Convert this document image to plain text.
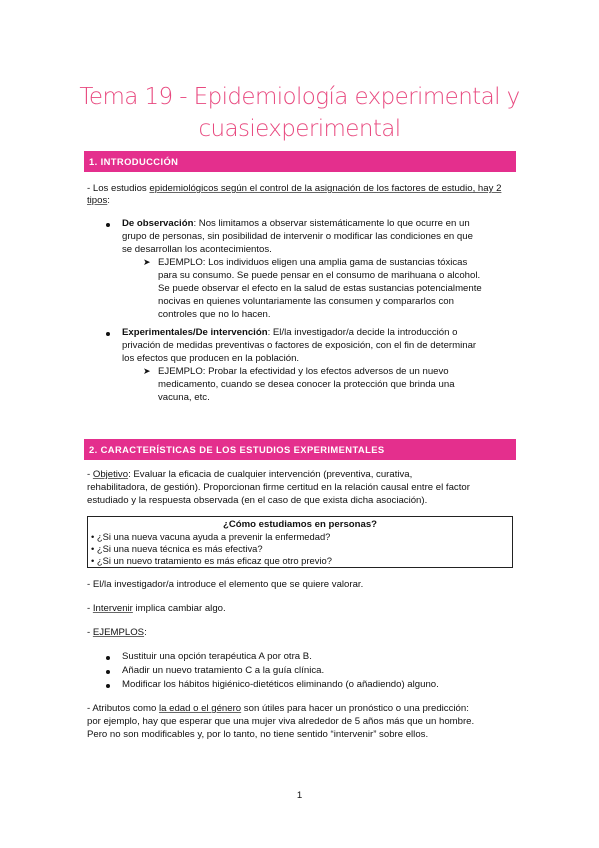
Tema 19 - Epidemiología experimental y
cuasiexperimental
1. INTRODUCCIÓN
- Los estudios epidemiológicos según el control de la asignación de los factores de estudio, hay 2 tipos:
De observación: Nos limitamos a observar sistemáticamente lo que ocurre en un
grupo de personas, sin posibilidad de intervenir o modificar las condiciones en que
se desarrollan los acontecimientos.
➤ EJEMPLO: Los individuos eligen una amplia gama de sustancias tóxicas
para su consumo. Se puede pensar en el consumo de marihuana o alcohol.
Se puede observar el efecto en la salud de estas sustancias potencialmente
nocivas en quienes voluntariamente las consumen y compararlos con
controles que no lo hacen.
Experimentales/De intervención: El/la investigador/a decide la introducción o
privación de medidas preventivas o factores de exposición, con el fin de determinar
los efectos que producen en la población.
➤ EJEMPLO: Probar la efectividad y los efectos adversos de un nuevo
medicamento, cuando se desea conocer la protección que brinda una
vacuna, etc.
2. CARACTERÍSTICAS DE LOS ESTUDIOS EXPERIMENTALES
- Objetivo: Evaluar la eficacia de cualquier intervención (preventiva, curativa,
rehabilitadora, de gestión). Proporcionan firme certitud en la relación causal entre el factor
estudiado y la respuesta observada (en el caso de que exista dicha asociación).
¿Cómo estudiamos en personas?
• ¿Si una nueva vacuna ayuda a prevenir la enfermedad?
• ¿Si una nueva técnica es más efectiva?
• ¿Si un nuevo tratamiento es más eficaz que otro previo?
- El/la investigador/a introduce el elemento que se quiere valorar.
- Intervenir implica cambiar algo.
- EJEMPLOS:
Sustituir una opción terapéutica A por otra B.
Añadir un nuevo tratamiento C a la guía clínica.
Modificar los hábitos higiénico-dietéticos eliminando (o añadiendo) alguno.
- Atributos como la edad o el género son útiles para hacer un pronóstico o una predicción:
por ejemplo, hay que esperar que una mujer viva alrededor de 5 años más que un hombre.
Pero no son modificables y, por lo tanto, no tiene sentido “intervenir” sobre ellos.
1
